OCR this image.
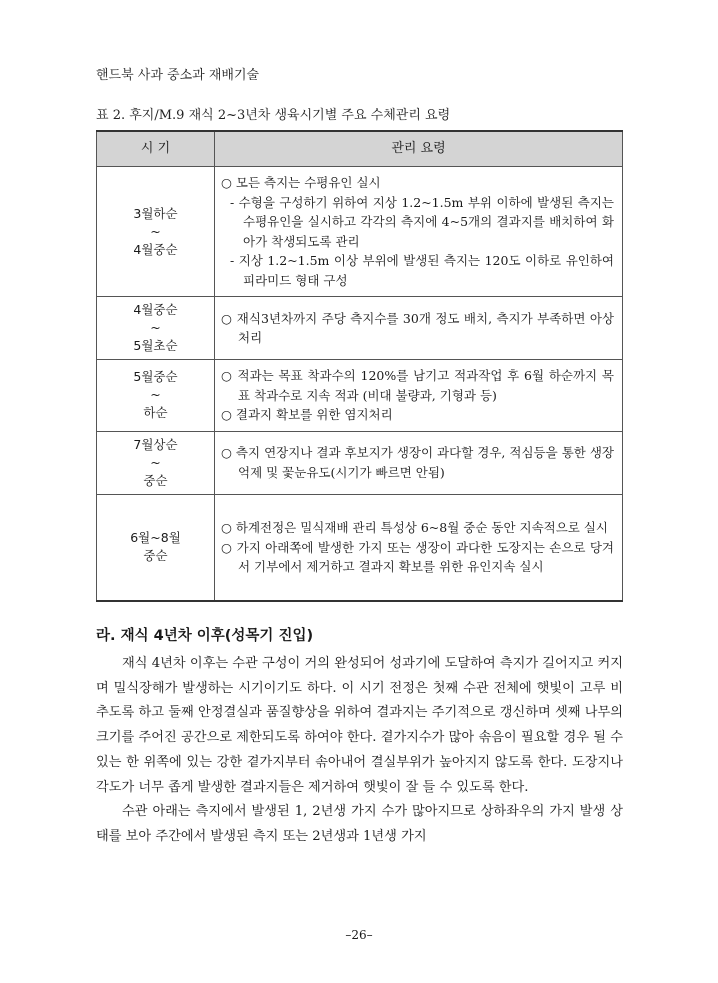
핸드북 사과 중소과 재배기술
표 2. 후지/M.9 재식 2~3년차 생육시기별 주요 수체관리 요령
시 기	관리 요령

3월하순
~
4월중순	○ 모든 측지는 수평유인 실시
- 수형을 구성하기 위하여 지상 1.2~1.5m 부위 이하에 발생된 측지는 수평유인을 실시하고 각각의 측지에 4~5개의 결과지를 배치하여 화아가 착생되도록 관리
- 지상 1.2~1.5m 이상 부위에 발생된 측지는 120도 이하로 유인하여 피라미드 형태 구성

4월중순
~
5월초순	○ 재식3년차까지 주당 측지수를 30개 정도 배치, 측지가 부족하면 아상처리

5월중순
~
하순	○ 적과는 목표 착과수의 120%를 남기고 적과작업 후 6월 하순까지 목표 착과수로 지속 적과 (비대 불량과, 기형과 등)
○ 결과지 확보를 위한 염지처리

7월상순
~
중순	○ 측지 연장지나 결과 후보지가 생장이 과다할 경우, 적심등을 통한 생장억제 및 꽃눈유도(시기가 빠르면 안됨)

6월~8월
중순	○ 하계전정은 밀식재배 관리 특성상 6~8월 중순 동안 지속적으로 실시
○ 가지 아래쪽에 발생한 가지 또는 생장이 과다한 도장지는 손으로 당겨서 기부에서 제거하고 결과지 확보를 위한 유인지속 실시
라. 재식 4년차 이후(성목기 진입)

재식 4년차 이후는 수관 구성이 거의 완성되어 성과기에 도달하여 측지가 길어지고 커지며 밀식장해가 발생하는 시기이기도 하다. 이 시기 전정은 첫째 수관 전체에 햇빛이 고루 비추도록 하고 둘째 안정결실과 품질향상을 위하여 결과지는 주기적으로 갱신하며 셋째 나무의 크기를 주어진 공간으로 제한되도록 하여야 한다. 곁가지수가 많아 솎음이 필요할 경우 될 수 있는 한 위쪽에 있는 강한 곁가지부터 솎아내어 결실부위가 높아지지 않도록 한다. 도장지나 각도가 너무 좁게 발생한 결과지들은 제거하여 햇빛이 잘 들 수 있도록 한다.

수관 아래는 측지에서 발생된 1, 2년생 가지 수가 많아지므로 상하좌우의 가지 발생 상태를 보아 주간에서 발생된 측지 또는 2년생과 1년생 가지

–26–
